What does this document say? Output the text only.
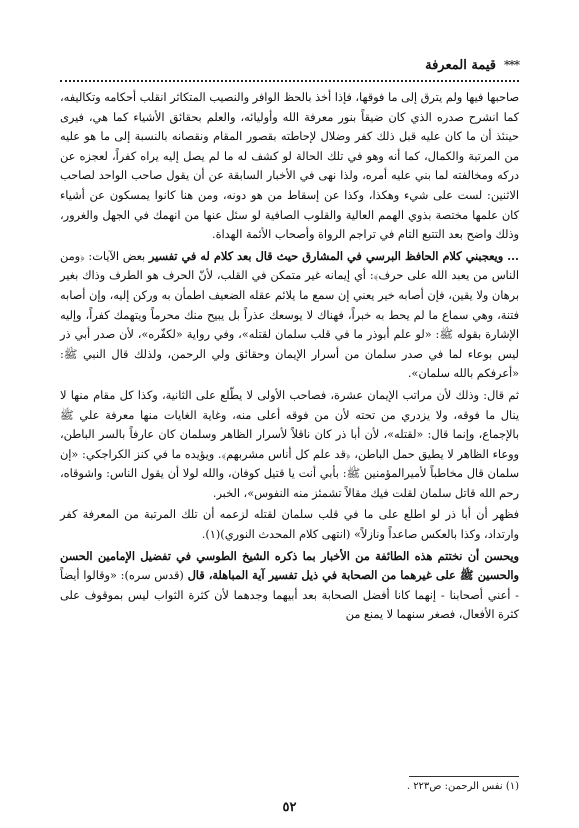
***
قيمة المعرفة

صاحبها فيها ولم يترق إلى ما فوقها، فإذا أخذ بالحظ الوافر والنصيب المتكاثر انقلب أحكامه وتكاليفه، كما انشرح صدره الذي كان ضيقاً بنور معرفة الله وأوليائه، والعلم بحقائق الأشياء كما هي، فيرى حينئذ أن ما كان عليه قبل ذلك كفر وضلال لإحاطته بقصور المقام ونقصانه بالنسبة إلى ما هو عليه من المرتبة والكمال، كما أنه وهو في تلك الحالة لو كشف له ما لم يصل إليه يراه كفراً، لعجزه عن دركه ومخالفته لما بني عليه أمره، ولذا نهى في الأخبار السابقة عن أن يقول صاحب الواحد لصاحب الاثنين: لست على شيء وهكذا، وكذا عن إسقاط من هو دونه، ومن هنا كانوا يمسكون عن أشياء كان علمها مختصة بذوي الهمم العالية والقلوب الصافية لو سئل عنها من انهمك في الجهل والغرور، وذلك واضح بعد التتبع التام في تراجم الرواة وأصحاب الأئمة الهداة.

... ويعجبني كلام الحافظ البرسي في المشارق حيث قال بعد كلام له في تفسير بعض الآيات: ﴿ومن الناس من يعبد الله على حرف﴾: أي إيمانه غير متمكن في القلب، لأنّ الحرف هو الطرف وذاك بغير برهان ولا يقين، فإن أصابه خير يعني إن سمع ما يلائم عقله الضعيف اطمأن به وركن إليه، وإن أصابه فتنة، وهي سماع ما لم يحط به خبراً، فهناك لا يوسعك عذراً بل يبيح منك محرماً ويتهمك كفراً، وإليه الإشارة بقوله ﷺ: «لو علم أبوذر ما في قلب سلمان لقتله»، وفي رواية «لكفّره»، لأن صدر أبي ذر ليس بوعاء لما في صدر سلمان من أسرار الإيمان وحقائق ولي الرحمن، ولذلك قال النبي ﷺ: «أعرفكم بالله سلمان».

ثم قال: وذلك لأن مراتب الإيمان عشرة، فصاحب الأولى لا يطّلع على الثانية، وكذا كل مقام منها لا ينال ما فوقه، ولا يزدري من تحته لأن من فوقه أعلى منه، وغاية الغايات منها معرفة علي ﷺ بالإجماع، وإنما قال: «لقتله»، لأن أبا ذر كان ناقلاً لأسرار الظاهر وسلمان كان عارفاً بالسر الباطن، ووعاء الظاهر لا يطيق حمل الباطن، ﴿قد علم كل أناس مشربهم﴾. ويؤيده ما في كنز الكراجكي: «إن سلمان قال مخاطباً لأميرالمؤمنين ﷺ: بأبي أنت يا قتيل كوفان، والله لولا أن يقول الناس: واشوقاه، رحم الله قاتل سلمان لقلت فيك مقالاً تشمئز منه النفوس»، الخبر.

فظهر أن أبا ذر لو اطلع على ما في قلب سلمان لقتله لزعمه أن تلك المرتبة من المعرفة كفر وارتداد، وكذا بالعكس صاعداً ونازلاً» (انتهى كلام المحدث النوري)(١).

ويحسن أن نختتم هذه الطائفة من الأخبار بما ذكره الشيخ الطوسي في تفضيل الإمامين الحسن والحسين ﷺ على غيرهما من الصحابة في ذيل تفسير آية المباهلة، قال (قدس سره): «وقالوا أيضاً - أعني أصحابنا - إنهما كانا أفضل الصحابة بعد أبيهما وجدهما لأن كثرة الثواب ليس بموقوف على كثرة الأفعال، فصغر سنهما لا يمنع من

(١) نفس الرحمن: ص٢٢٣ .
٥٢
